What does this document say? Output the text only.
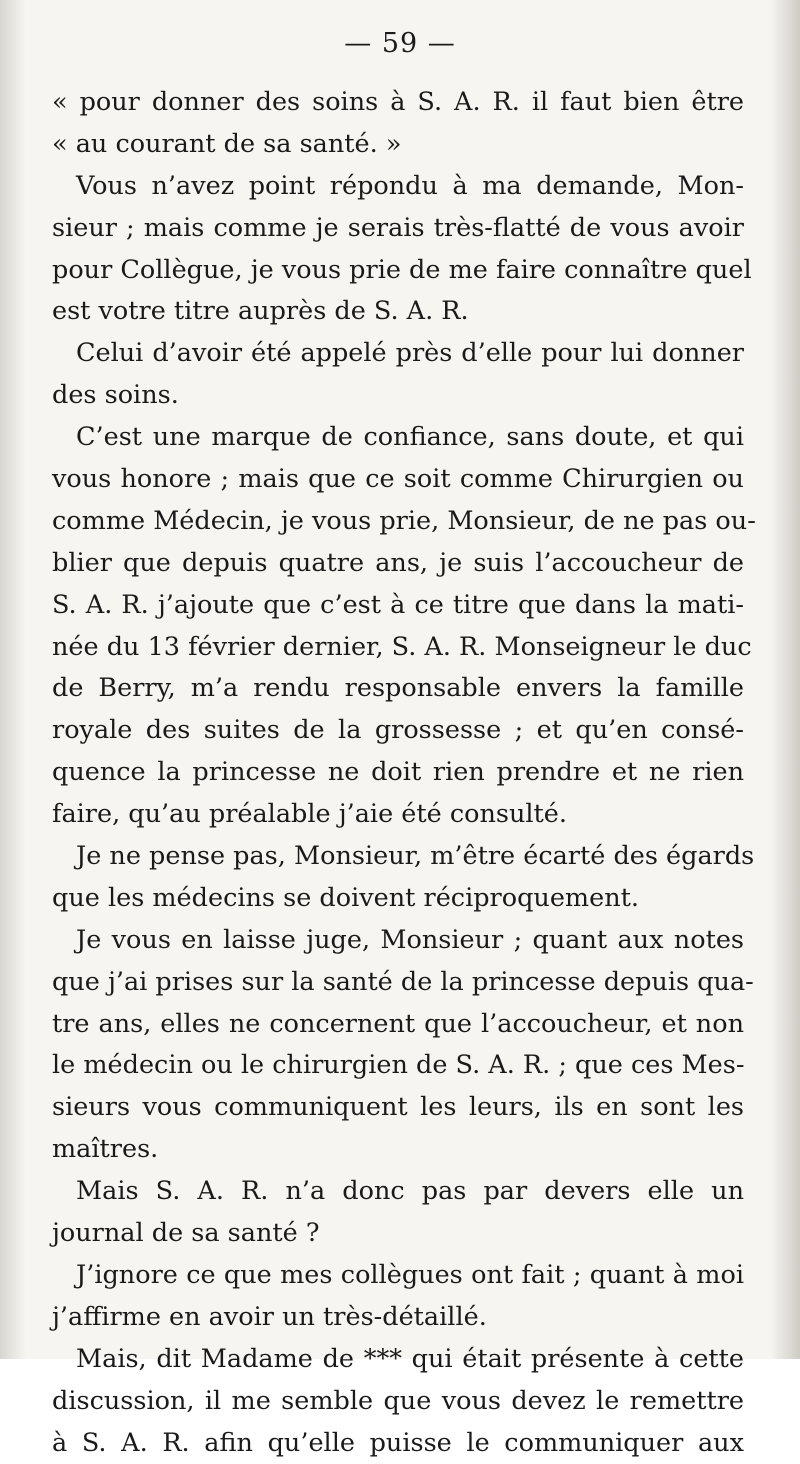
— 59 —
« pour donner des soins à S. A. R. il faut bien être
« au courant de sa santé. »
Vous n’avez point répondu à ma demande, Mon-
sieur ; mais comme je serais très-flatté de vous avoir
pour Collègue, je vous prie de me faire connaître quel
est votre titre auprès de S. A. R.
Celui d’avoir été appelé près d’elle pour lui donner
des soins.
C’est une marque de confiance, sans doute, et qui
vous honore ; mais que ce soit comme Chirurgien ou
comme Médecin, je vous prie, Monsieur, de ne pas ou-
blier que depuis quatre ans, je suis l’accoucheur de
S. A. R. j’ajoute que c’est à ce titre que dans la mati-
née du 13 février dernier, S. A. R. Monseigneur le duc
de Berry, m’a rendu responsable envers la famille
royale des suites de la grossesse ; et qu’en consé-
quence la princesse ne doit rien prendre et ne rien
faire, qu’au préalable j’aie été consulté.
Je ne pense pas, Monsieur, m’être écarté des égards
que les médecins se doivent réciproquement.
Je vous en laisse juge, Monsieur ; quant aux notes
que j’ai prises sur la santé de la princesse depuis qua-
tre ans, elles ne concernent que l’accoucheur, et non
le médecin ou le chirurgien de S. A. R. ; que ces Mes-
sieurs vous communiquent les leurs, ils en sont les
maîtres.
Mais S. A. R. n’a donc pas par devers elle un
journal de sa santé ?
J’ignore ce que mes collègues ont fait ; quant à moi
j’affirme en avoir un très-détaillé.
Mais, dit Madame de *** qui était présente à cette
discussion, il me semble que vous devez le remettre
à S. A. R. afin qu’elle puisse le communiquer aux
